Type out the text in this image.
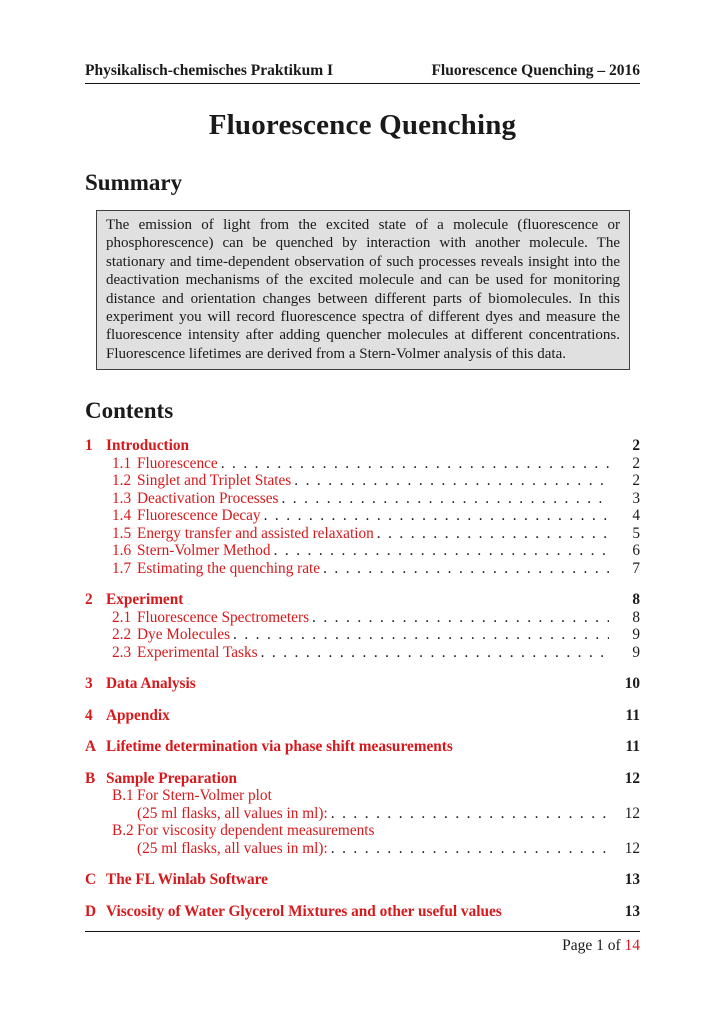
Physikalisch-chemisches Praktikum I	Fluorescence Quenching – 2016
Fluorescence Quenching
Summary
The emission of light from the excited state of a molecule (fluorescence or phosphorescence) can be quenched by interaction with another molecule. The stationary and time-dependent observation of such processes reveals insight into the deactivation mechanisms of the excited molecule and can be used for monitoring distance and orientation changes between different parts of biomolecules. In this experiment you will record fluorescence spectra of different dyes and measure the fluorescence intensity after adding quencher molecules at different concentrations. Fluorescence lifetimes are derived from a Stern-Volmer analysis of this data.
Contents
1 Introduction	2
1.1 Fluorescence .....	2
1.2 Singlet and Triplet States .....	2
1.3 Deactivation Processes .....	3
1.4 Fluorescence Decay .....	4
1.5 Energy transfer and assisted relaxation .....	5
1.6 Stern-Volmer Method .....	6
1.7 Estimating the quenching rate .....	7
2 Experiment	8
2.1 Fluorescence Spectrometers .....	8
2.2 Dye Molecules .....	9
2.3 Experimental Tasks .....	9
3 Data Analysis	10
4 Appendix	11
A Lifetime determination via phase shift measurements	11
B Sample Preparation	12
B.1 For Stern-Volmer plot
(25 ml flasks, all values in ml): .....	12
B.2 For viscosity dependent measurements
(25 ml flasks, all values in ml): .....	12
C The FL Winlab Software	13
D Viscosity of Water Glycerol Mixtures and other useful values	13
Page 1 of 14
